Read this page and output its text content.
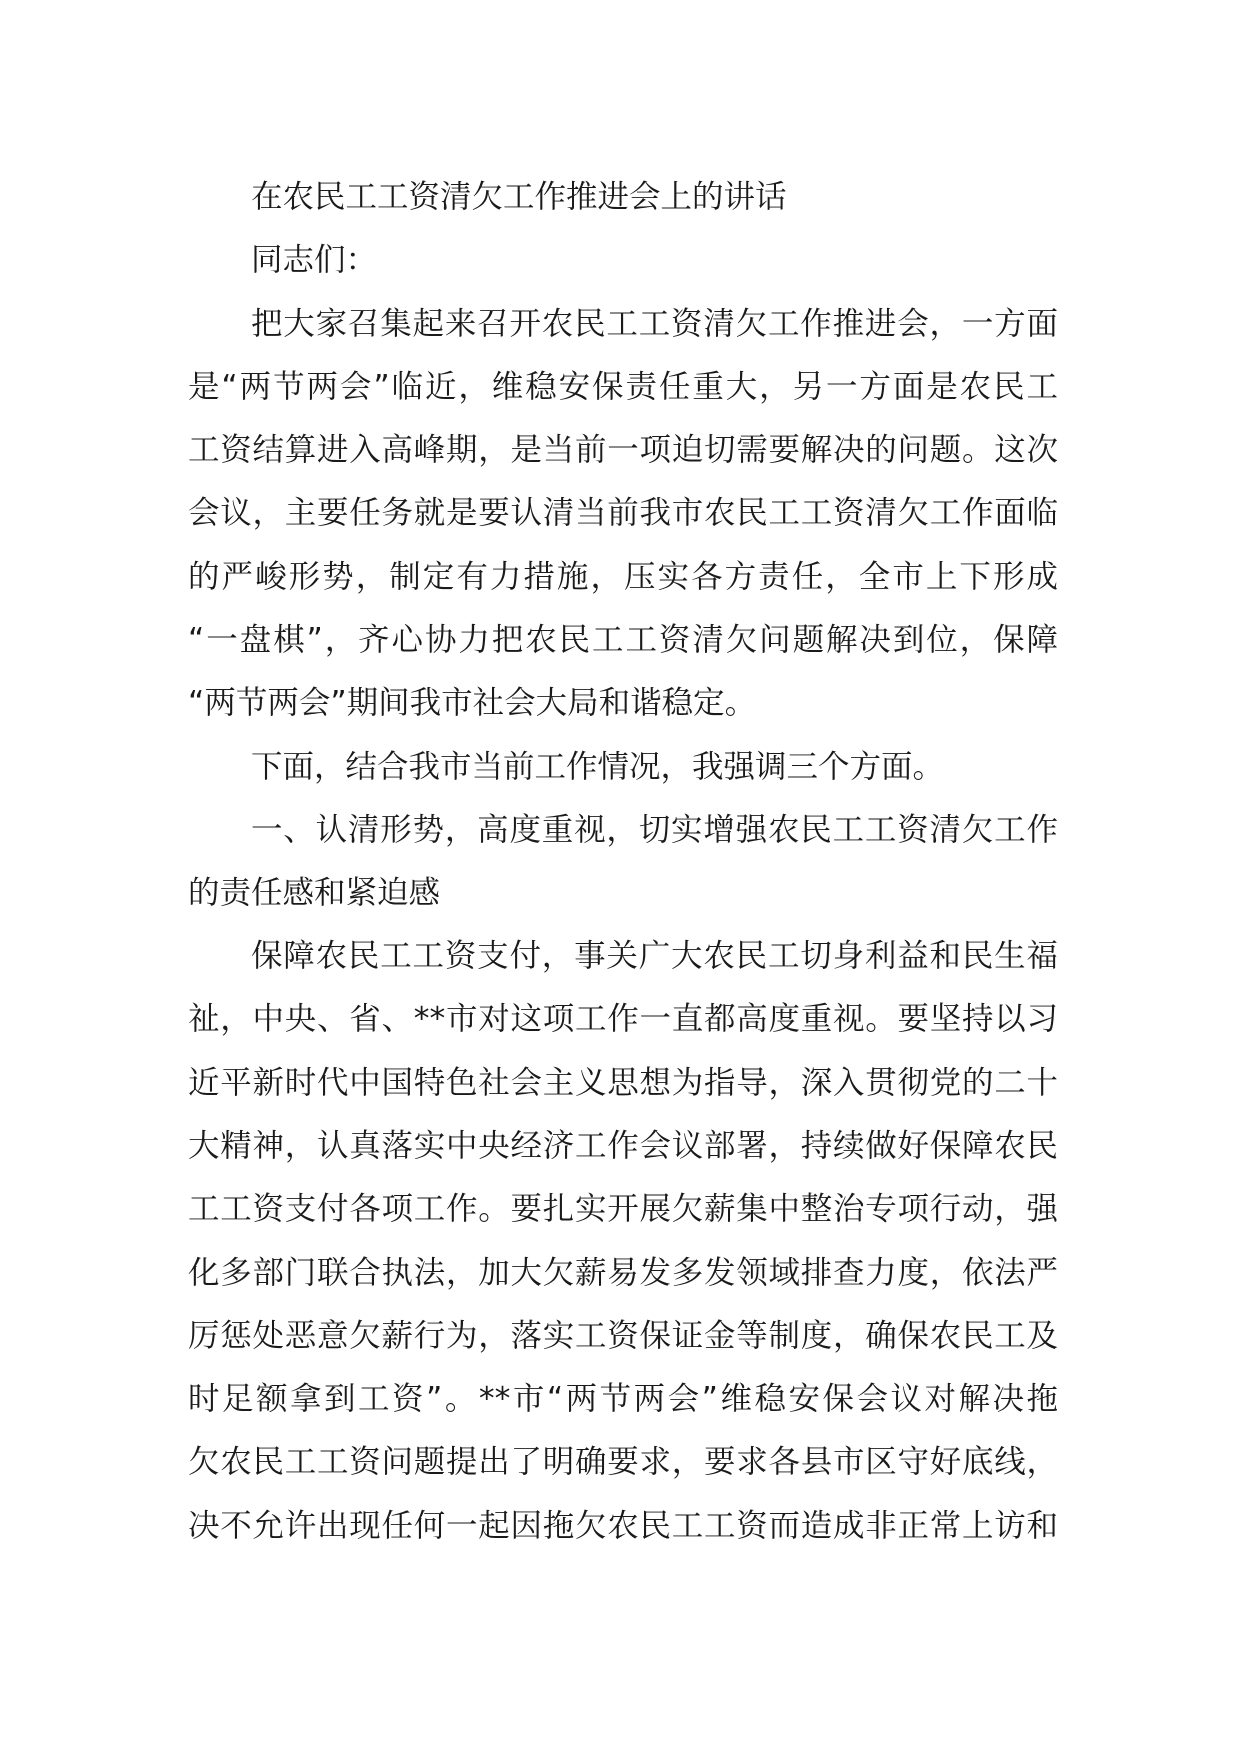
在农民工工资清欠工作推进会上的讲话

同志们：

把大家召集起来召开农民工工资清欠工作推进会，一方面

是“两节两会”临近，维稳安保责任重大，另一方面是农民工

工资结算进入高峰期，是当前一项迫切需要解决的问题。这次

会议，主要任务就是要认清当前我市农民工工资清欠工作面临

的严峻形势，制定有力措施，压实各方责任，全市上下形成

“一盘棋”，齐心协力把农民工工资清欠问题解决到位，保障

“两节两会”期间我市社会大局和谐稳定。

下面，结合我市当前工作情况，我强调三个方面。

一、认清形势，高度重视，切实增强农民工工资清欠工作

的责任感和紧迫感

保障农民工工资支付，事关广大农民工切身利益和民生福

祉，中央、省、**市对这项工作一直都高度重视。要坚持以习

近平新时代中国特色社会主义思想为指导，深入贯彻党的二十

大精神，认真落实中央经济工作会议部署，持续做好保障农民

工工资支付各项工作。要扎实开展欠薪集中整治专项行动，强

化多部门联合执法，加大欠薪易发多发领域排查力度，依法严

厉惩处恶意欠薪行为，落实工资保证金等制度，确保农民工及

时足额拿到工资”。**市“两节两会”维稳安保会议对解决拖

欠农民工工资问题提出了明确要求，要求各县市区守好底线，

决不允许出现任何一起因拖欠农民工工资而造成非正常上访和
